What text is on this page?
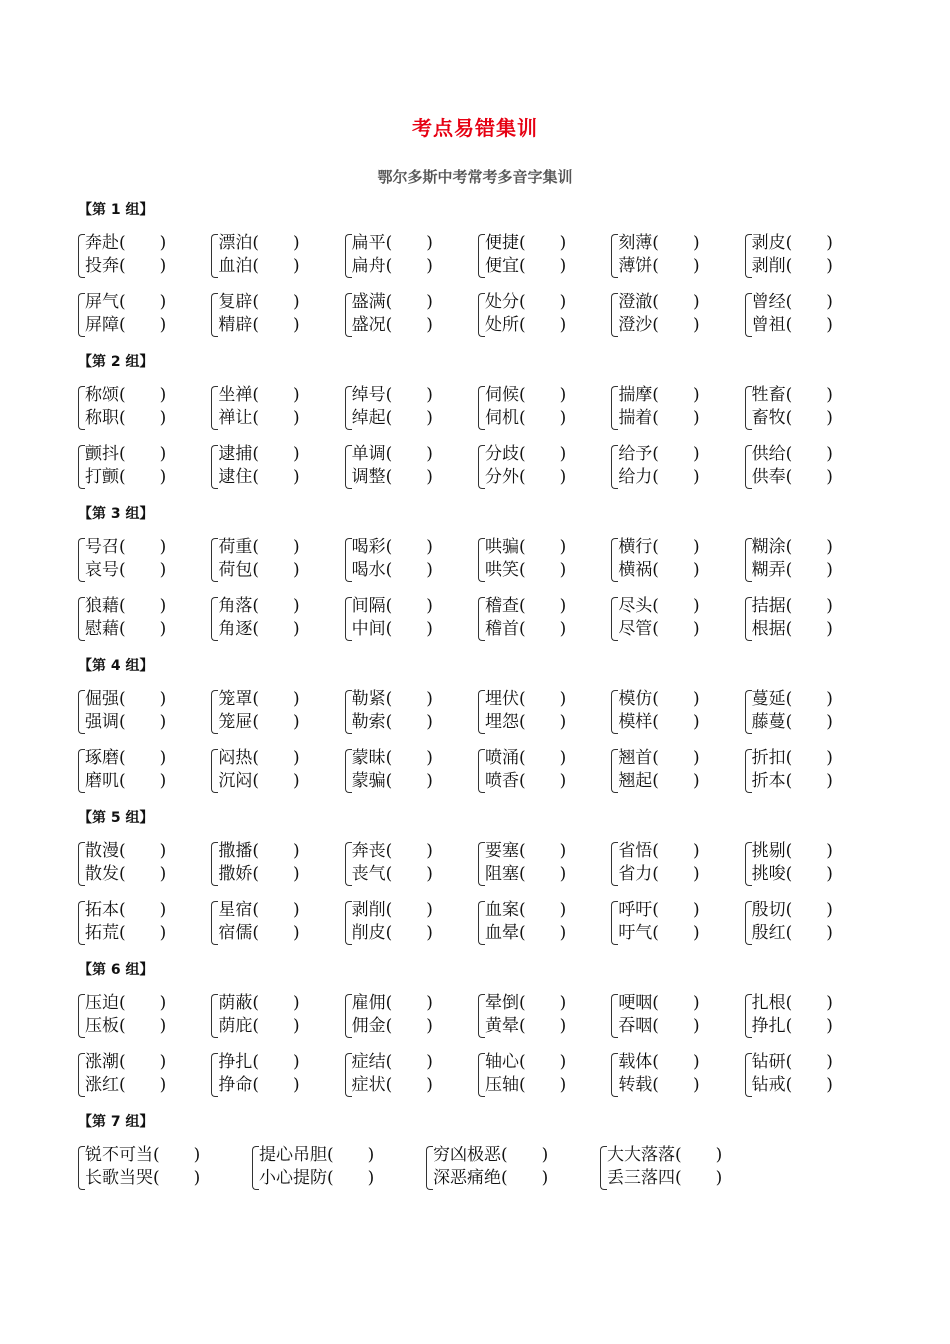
考点易错集训
鄂尔多斯中考常考多音字集训
【第 1 组】
奔赴(　　)
投奔(　　)
漂泊(　　)
血泊(　　)
扁平(　　)
扁舟(　　)
便捷(　　)
便宜(　　)
刻薄(　　)
薄饼(　　)
剥皮(　　)
剥削(　　)
屏气(　　)
屏障(　　)
复辟(　　)
精辟(　　)
盛满(　　)
盛况(　　)
处分(　　)
处所(　　)
澄澈(　　)
澄沙(　　)
曾经(　　)
曾祖(　　)
【第 2 组】
称颂(　　)
称职(　　)
坐禅(　　)
禅让(　　)
绰号(　　)
绰起(　　)
伺候(　　)
伺机(　　)
揣摩(　　)
揣着(　　)
牲畜(　　)
畜牧(　　)
颤抖(　　)
打颤(　　)
逮捕(　　)
逮住(　　)
单调(　　)
调整(　　)
分歧(　　)
分外(　　)
给予(　　)
给力(　　)
供给(　　)
供奉(　　)
【第 3 组】
号召(　　)
哀号(　　)
荷重(　　)
荷包(　　)
喝彩(　　)
喝水(　　)
哄骗(　　)
哄笑(　　)
横行(　　)
横祸(　　)
糊涂(　　)
糊弄(　　)
狼藉(　　)
慰藉(　　)
角落(　　)
角逐(　　)
间隔(　　)
中间(　　)
稽查(　　)
稽首(　　)
尽头(　　)
尽管(　　)
拮据(　　)
根据(　　)
【第 4 组】
倔强(　　)
强调(　　)
笼罩(　　)
笼屉(　　)
勒紧(　　)
勒索(　　)
埋伏(　　)
埋怨(　　)
模仿(　　)
模样(　　)
蔓延(　　)
藤蔓(　　)
琢磨(　　)
磨叽(　　)
闷热(　　)
沉闷(　　)
蒙昧(　　)
蒙骗(　　)
喷涌(　　)
喷香(　　)
翘首(　　)
翘起(　　)
折扣(　　)
折本(　　)
【第 5 组】
散漫(　　)
散发(　　)
撒播(　　)
撒娇(　　)
奔丧(　　)
丧气(　　)
要塞(　　)
阻塞(　　)
省悟(　　)
省力(　　)
挑剔(　　)
挑唆(　　)
拓本(　　)
拓荒(　　)
星宿(　　)
宿儒(　　)
剥削(　　)
削皮(　　)
血案(　　)
血晕(　　)
呼吁(　　)
吁气(　　)
殷切(　　)
殷红(　　)
【第 6 组】
压迫(　　)
压板(　　)
荫蔽(　　)
荫庇(　　)
雇佣(　　)
佣金(　　)
晕倒(　　)
黄晕(　　)
哽咽(　　)
吞咽(　　)
扎根(　　)
挣扎(　　)
涨潮(　　)
涨红(　　)
挣扎(　　)
挣命(　　)
症结(　　)
症状(　　)
轴心(　　)
压轴(　　)
载体(　　)
转载(　　)
钻研(　　)
钻戒(　　)
【第 7 组】
锐不可当(　　)
长歌当哭(　　)
提心吊胆(　　)
小心提防(　　)
穷凶极恶(　　)
深恶痛绝(　　)
大大落落(　　)
丢三落四(　　)
